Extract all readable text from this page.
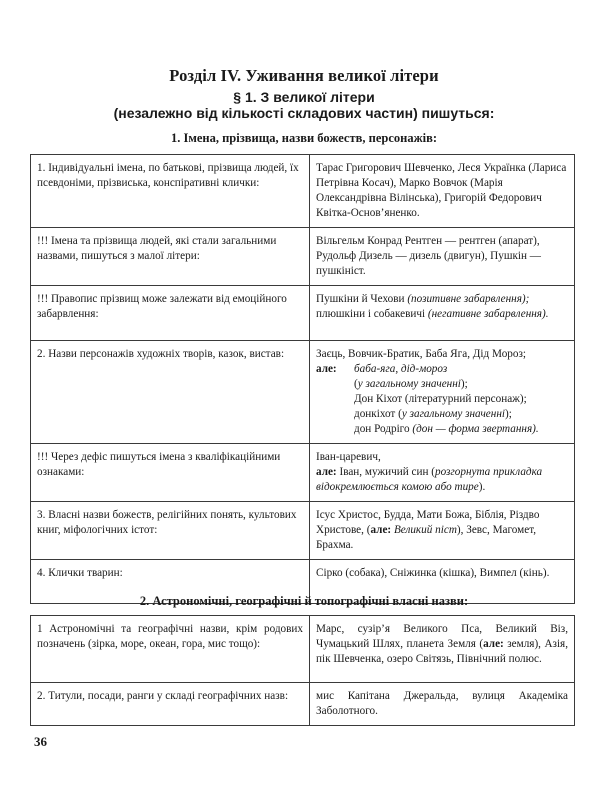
Розділ IV. Уживання великої літери
§ 1. З великої літери
(незалежно від кількості складових частин) пишуться:
1. Імена, прізвища, назви божеств, персонажів:
1. Індивідуальні імена, по батькові, прізвища людей, їх псевдоніми, прізвиська, конспіративні клички:	Тарас Григорович Шевченко, Леся Українка (Лариса Петрівна Косач), Марко Вовчок (Марія Олександрівна Вілінська), Григорій Федорович Квітка-Основ’яненко.
!!! Імена та прізвища людей, які стали загальними назвами, пишуться з малої літери:	Вільгельм Конрад Рентген — рентген (апарат), Рудольф Дизель — дизель (двигун), Пушкін — пушкініст.
!!! Правопис прізвищ може залежати від емоційного забарвлення:	Пушкіни й Чехови (позитивне забарвлення); плюшкіни і собакевичі (негативне забарвлення).
2. Назви персонажів художніх творів, казок, вистав:	Заєць, Вовчик-Братик, Баба Яга, Дід Мороз;
але:	баба-яга, дід-мороз
(у загальному значенні);
Дон Кіхот (літературний персонаж);
донкіхот (у загальному значенні);
дон Родріго (дон — форма звертання).

!!! Через дефіс пишуться імена з кваліфікаційними ознаками:	Іван-царевич,
але: Іван, мужичий син (розгорнута прикладка відокремлюється комою або тире).

3. Власні назви божеств, релігійних понять, культових книг, міфологічних істот:	Ісус Христос, Будда, Мати Божа, Біблія, Різдво Христове, (але: Великий піст), Зевс, Магомет, Брахма.
4. Клички тварин:	Сірко (собака), Сніжинка (кішка), Вимпел (кінь).
2. Астрономічні, географічні й топографічні власні назви:
1 Астрономічні та географічні назви, крім родових позначень (зірка, море, океан, гора, мис тощо):	Марс, сузір’я Великого Пса, Великий Віз, Чумацький Шлях, планета Земля (але: земля), Азія, пік Шевченка, озеро Світязь, Північний полюс.
2. Титули, посади, ранги у складі географічних назв:	мис Капітана Джеральда, вулиця Академіка Заболотного.
36
